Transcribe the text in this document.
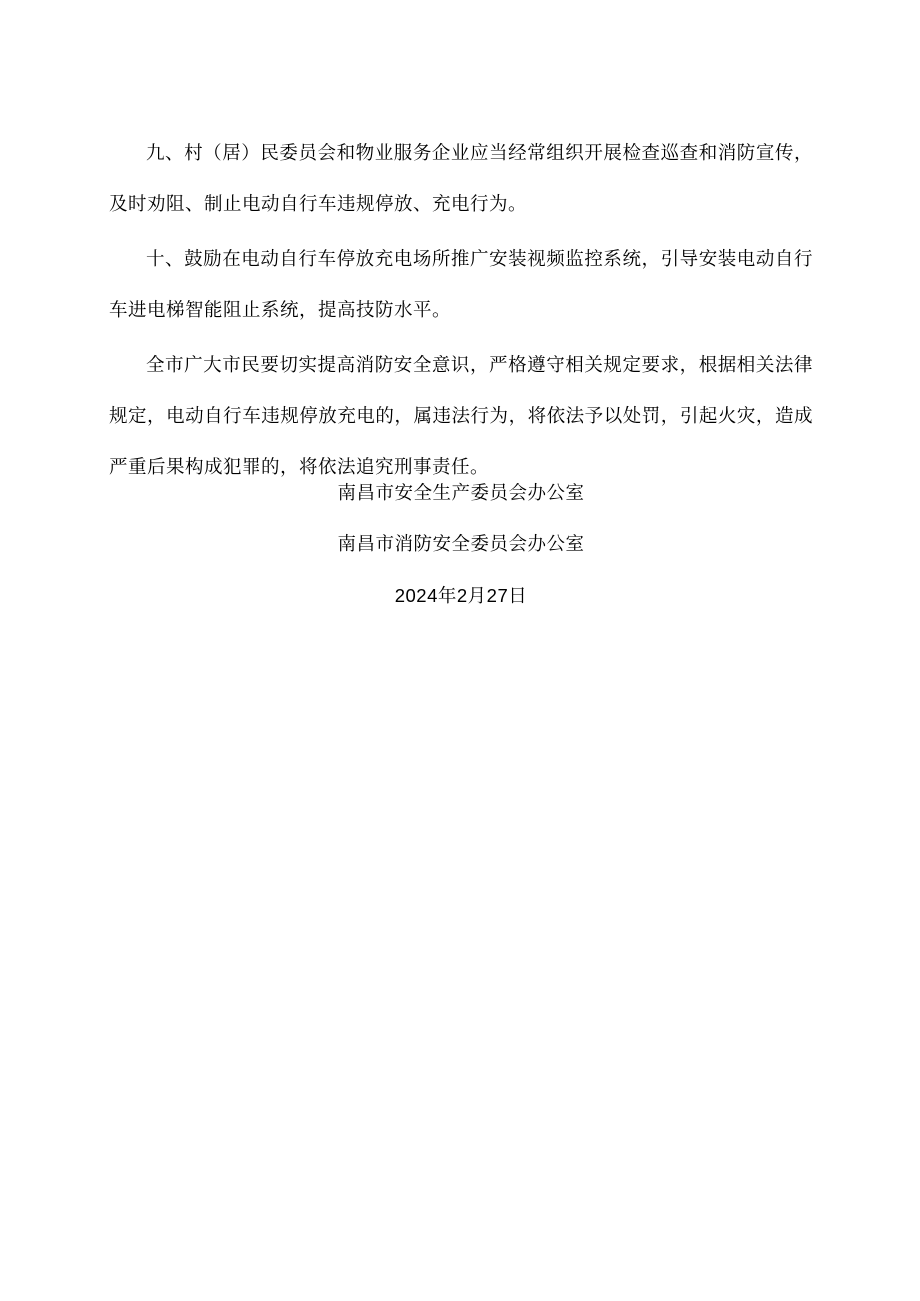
九、村（居）民委员会和物业服务企业应当经常组织开展检查巡查和消防宣传，及时劝阻、制止电动自行车违规停放、充电行为。

十、鼓励在电动自行车停放充电场所推广安装视频监控系统，引导安装电动自行车进电梯智能阻止系统，提高技防水平。

全市广大市民要切实提高消防安全意识，严格遵守相关规定要求，根据相关法律规定，电动自行车违规停放充电的，属违法行为，将依法予以处罚，引起火灾，造成严重后果构成犯罪的，将依法追究刑事责任。

南昌市安全生产委员会办公室

南昌市消防安全委员会办公室

2024年2月27日
